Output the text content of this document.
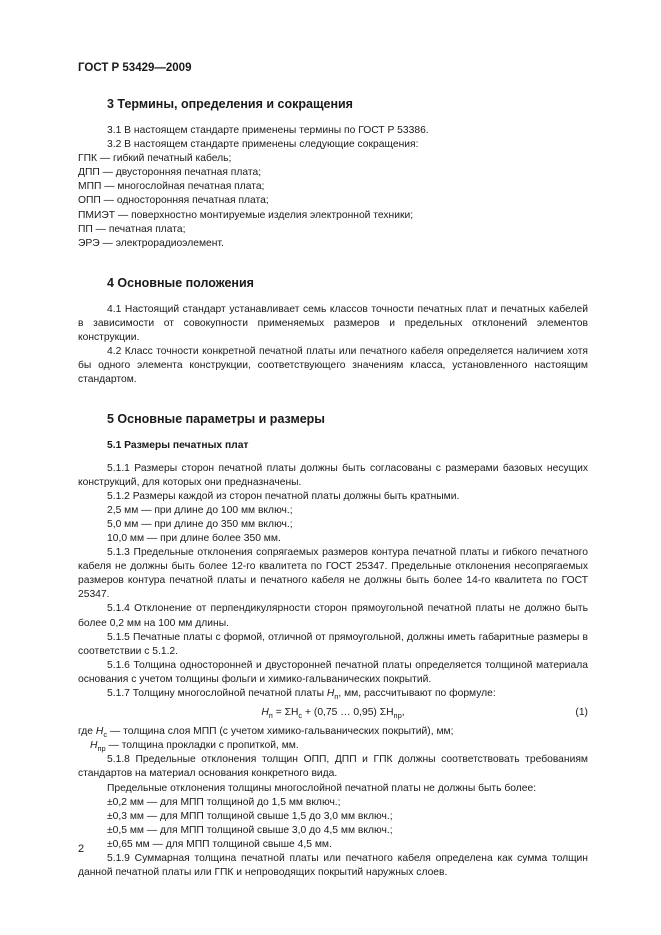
ГОСТ Р 53429—2009
3 Термины, определения и сокращения

3.1 В настоящем стандарте применены термины по ГОСТ Р 53386.

3.2 В настоящем стандарте применены следующие сокращения:

ГПК — гибкий печатный кабель;

ДПП — двусторонняя печатная плата;

МПП — многослойная печатная плата;

ОПП — односторонняя печатная плата;

ПМИЭТ — поверхностно монтируемые изделия электронной техники;

ПП — печатная плата;

ЭРЭ — электрорадиоэлемент.

4 Основные положения

4.1 Настоящий стандарт устанавливает семь классов точности печатных плат и печатных кабелей в зависимости от совокупности применяемых размеров и предельных отклонений элементов конструкции.

4.2 Класс точности конкретной печатной платы или печатного кабеля определяется наличием хотя бы одного элемента конструкции, соответствующего значениям класса, установленного настоящим стандартом.

5 Основные параметры и размеры
5.1 Размеры печатных плат

5.1.1 Размеры сторон печатной платы должны быть согласованы с размерами базовых несущих конструкций, для которых они предназначены.

5.1.2 Размеры каждой из сторон печатной платы должны быть кратными.

2,5 мм — при длине до 100 мм включ.;

5,0 мм — при длине до 350 мм включ.;

10,0 мм — при длине более 350 мм.

5.1.3 Предельные отклонения сопрягаемых размеров контура печатной платы и гибкого печатного кабеля не должны быть более 12-го квалитета по ГОСТ 25347. Предельные отклонения несопрягаемых размеров контура печатной платы и печатного кабеля не должны быть более 14-го квалитета по ГОСТ 25347.

5.1.4 Отклонение от перпендикулярности сторон прямоугольной печатной платы не должно быть более 0,2 мм на 100 мм длины.

5.1.5 Печатные платы с формой, отличной от прямоугольной, должны иметь габаритные размеры в соответствии с 5.1.2.

5.1.6 Толщина односторонней и двусторонней печатной платы определяется толщиной материала основания с учетом толщины фольги и химико-гальванических покрытий.

5.1.7 Толщину многослойной печатной платы $H_п$, мм, рассчитывают по формуле:

$H_п = \Sigma H_с + (0,75$ … 0,95) $\Sigma H_{пр}$,	(1)

где $H_с$ — толщина слоя МПП (с учетом химико-гальванических покрытий), мм;

$H_{пр}$ — толщина прокладки с пропиткой, мм.

5.1.8 Предельные отклонения толщин ОПП, ДПП и ГПК должны соответствовать требованиям стандартов на материал основания конкретного вида.

Предельные отклонения толщины многослойной печатной платы не должны быть более:

±0,2 мм — для МПП толщиной до 1,5 мм включ.;

±0,3 мм — для МПП толщиной свыше 1,5 до 3,0 мм включ.;

±0,5 мм — для МПП толщиной свыше 3,0 до 4,5 мм включ.;

±0,65 мм — для МПП толщиной свыше 4,5 мм.

5.1.9 Суммарная толщина печатной платы или печатного кабеля определена как сумма толщин данной печатной платы или ГПК и непроводящих покрытий наружных слоев.

2
